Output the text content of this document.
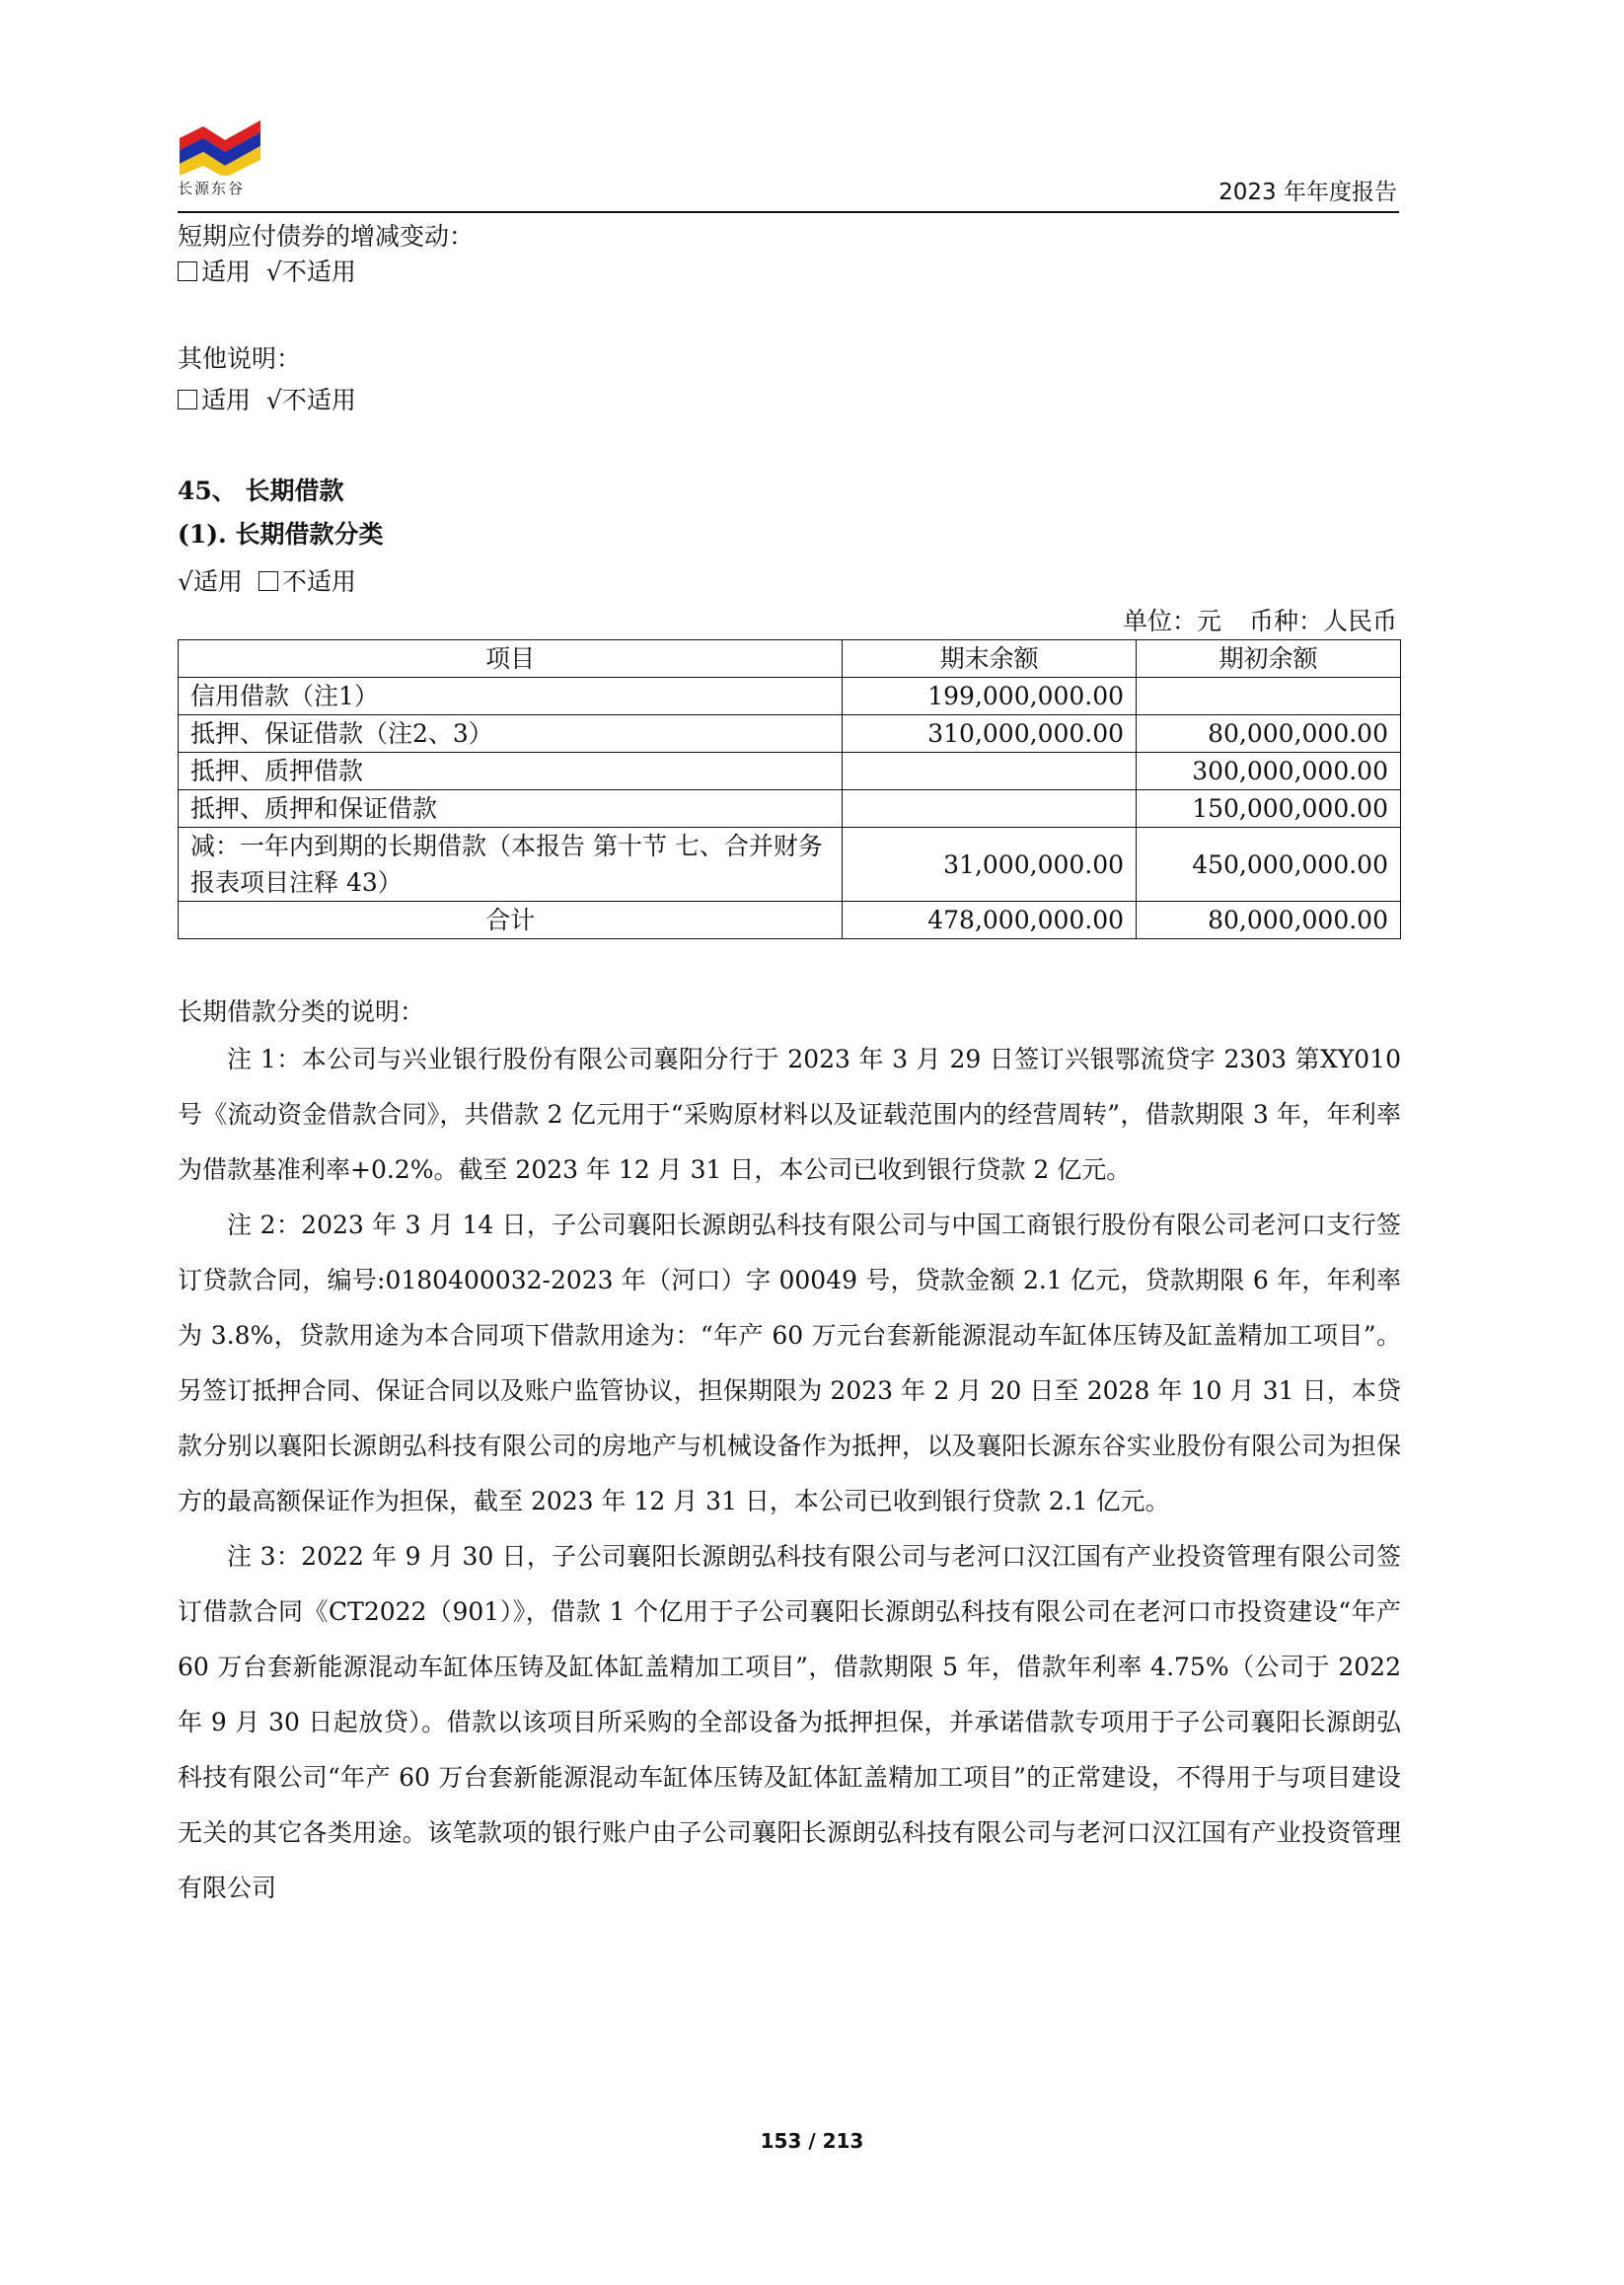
长源东谷	2023 年年度报告
短期应付债券的增减变动：
适用 √不适用
其他说明：
适用 √不适用
45、 长期借款
(1). 长期借款分类
√适用 不适用
单位：元 币种：人民币
项目	期末余额	期初余额
信用借款（注1）	199,000,000.00	
抵押、保证借款（注2、3）	310,000,000.00	80,000,000.00
抵押、质押借款		300,000,000.00
抵押、质押和保证借款		150,000,000.00
减：一年内到期的长期借款（本报告 第十节 七、合并财务报表项目注释 43）	31,000,000.00	450,000,000.00
合计	478,000,000.00	80,000,000.00
长期借款分类的说明：

注 1：本公司与兴业银行股份有限公司襄阳分行于 2023 年 3 月 29 日签订兴银鄂流贷字 2303 第XY010 号《流动资金借款合同》，共借款 2 亿元用于“采购原材料以及证载范围内的经营周转”，借款期限 3 年，年利率为借款基准利率+0.2%。截至 2023 年 12 月 31 日，本公司已收到银行贷款 2 亿元。

注 2：2023 年 3 月 14 日，子公司襄阳长源朗弘科技有限公司与中国工商银行股份有限公司老河口支行签订贷款合同，编号:0180400032-2023 年（河口）字 00049 号，贷款金额 2.1 亿元，贷款期限 6 年，年利率为 3.8%，贷款用途为本合同项下借款用途为：“年产 60 万元台套新能源混动车缸体压铸及缸盖精加工项目”。另签订抵押合同、保证合同以及账户监管协议，担保期限为 2023 年 2 月 20 日至 2028 年 10 月 31 日，本贷款分别以襄阳长源朗弘科技有限公司的房地产与机械设备作为抵押，以及襄阳长源东谷实业股份有限公司为担保方的最高额保证作为担保，截至 2023 年 12 月 31 日，本公司已收到银行贷款 2.1 亿元。

注 3：2022 年 9 月 30 日，子公司襄阳长源朗弘科技有限公司与老河口汉江国有产业投资管理有限公司签订借款合同《CT2022（901）》，借款 1 个亿用于子公司襄阳长源朗弘科技有限公司在老河口市投资建设“年产 60 万台套新能源混动车缸体压铸及缸体缸盖精加工项目”，借款期限 5 年，借款年利率 4.75%（公司于 2022 年 9 月 30 日起放贷）。借款以该项目所采购的全部设备为抵押担保，并承诺借款专项用于子公司襄阳长源朗弘科技有限公司“年产 60 万台套新能源混动车缸体压铸及缸体缸盖精加工项目”的正常建设，不得用于与项目建设无关的其它各类用途。该笔款项的银行账户由子公司襄阳长源朗弘科技有限公司与老河口汉江国有产业投资管理有限公司

153 / 213
